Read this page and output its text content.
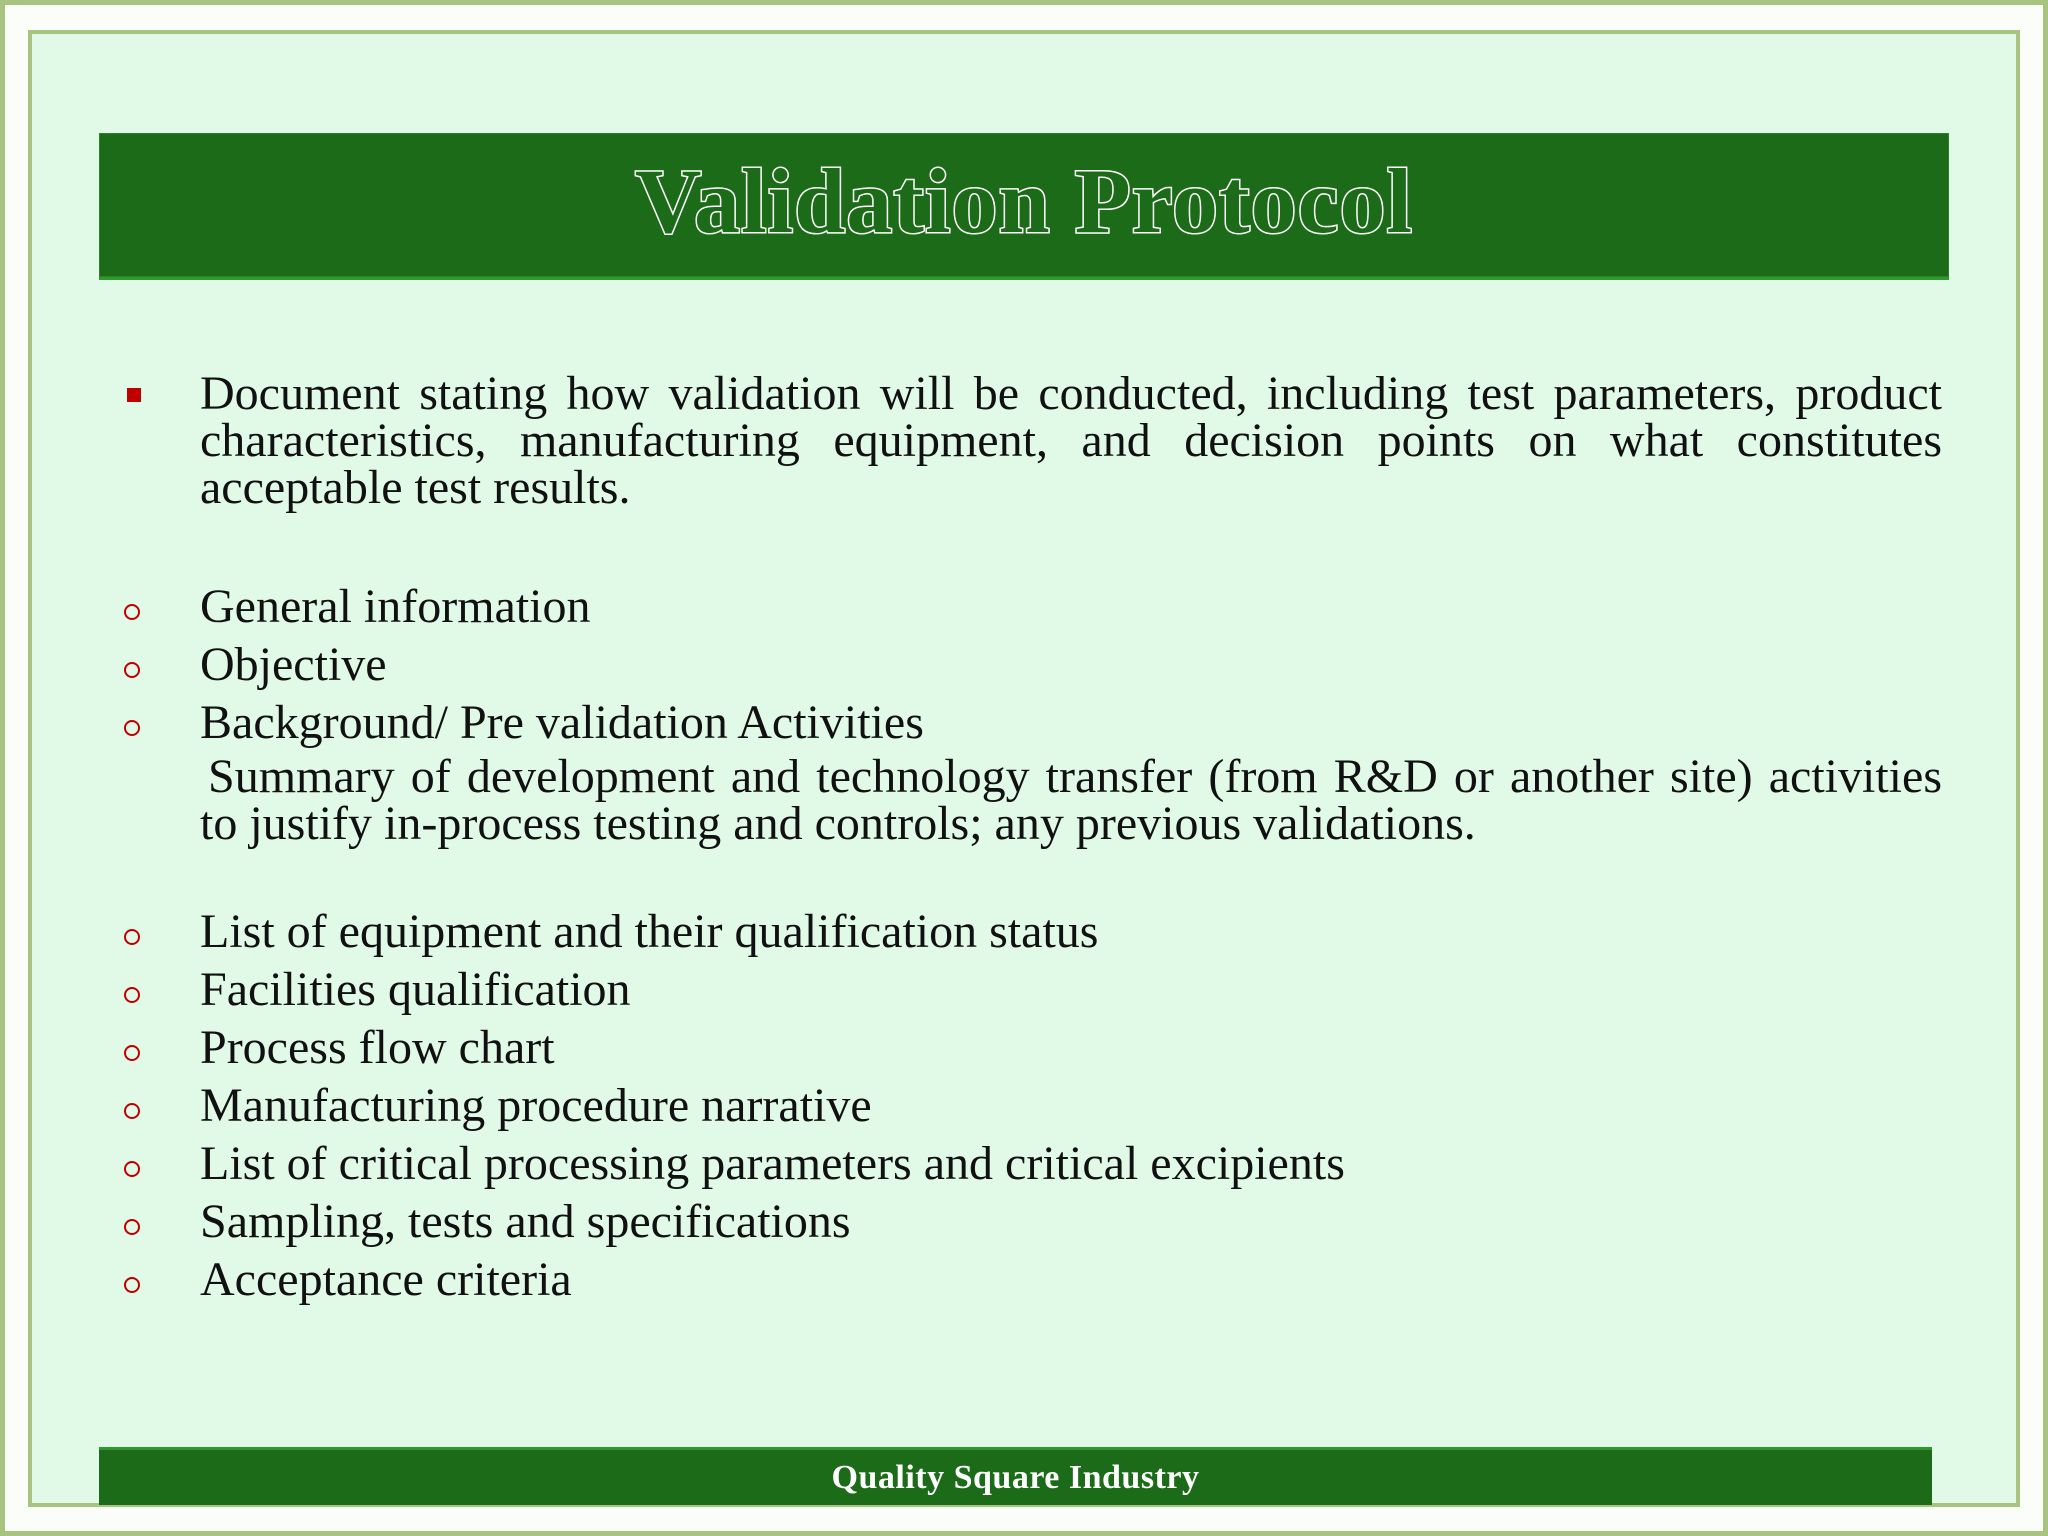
Validation Protocol
Document stating how validation will be conducted, including test parameters, product characteristics, manufacturing equipment, and decision points on what constitutes acceptable test results.
General information
Objective
Background/ Pre validation Activities
Summary of development and technology transfer (from R&D or another site) activities to justify in-process testing and controls; any previous validations.
List of equipment and their qualification status
Facilities qualification
Process flow chart
Manufacturing procedure narrative
List of critical processing parameters and critical excipients
Sampling, tests and specifications
Acceptance criteria
Quality Square Industry
